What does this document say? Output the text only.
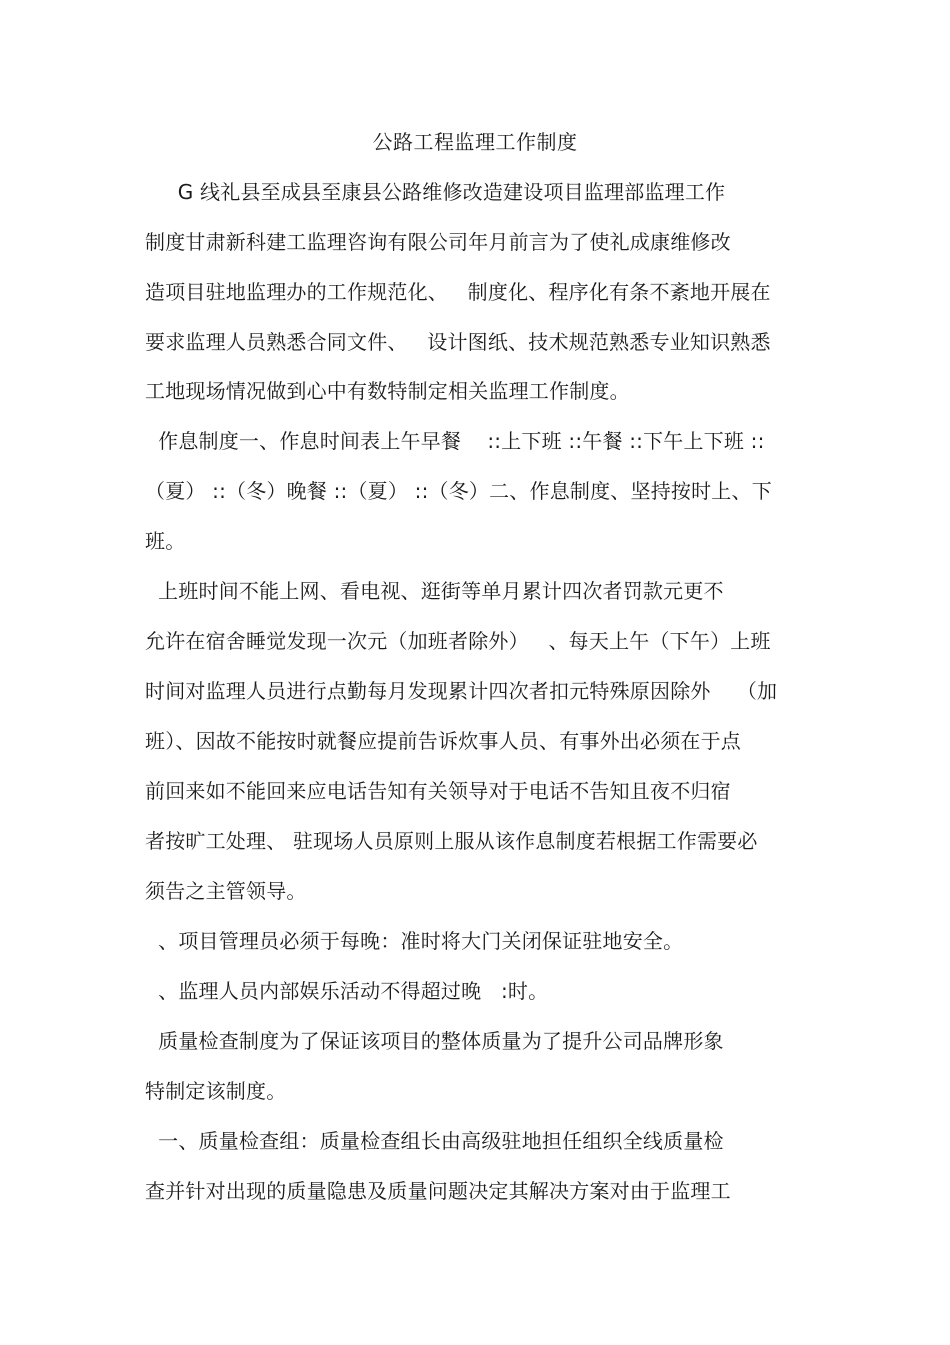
公路工程监理工作制度
G 线礼县至成县至康县公路维修改造建设项目监理部监理工作
制度甘肃新科建工监理咨询有限公司年月前言为了使礼成康维修改
造项目驻地监理办的工作规范化、   制度化、程序化有条不紊地开展在
要求监理人员熟悉合同文件、   设计图纸、技术规范熟悉专业知识熟悉
工地现场情况做到心中有数特制定相关监理工作制度。
作息制度一、作息时间表上午早餐    ::上下班 ::午餐 ::下午上下班 ::
（夏） ::（冬）晚餐 ::（夏） ::（冬）二、作息制度、坚持按时上、下
班。
上班时间不能上网、看电视、逛街等单月累计四次者罚款元更不
允许在宿舍睡觉发现一次元（加班者除外）   、每天上午（下午）上班
时间对监理人员进行点勤每月发现累计四次者扣元特殊原因除外    （加
班）、因故不能按时就餐应提前告诉炊事人员、有事外出必须在于点
前回来如不能回来应电话告知有关领导对于电话不告知且夜不归宿
者按旷工处理、 驻现场人员原则上服从该作息制度若根据工作需要必
须告之主管领导。
、项目管理员必须于每晚：准时将大门关闭保证驻地安全。
、监理人员内部娱乐活动不得超过晚   :时。
质量检查制度为了保证该项目的整体质量为了提升公司品牌形象
特制定该制度。
一、质量检查组：质量检查组长由高级驻地担任组织全线质量检
查并针对出现的质量隐患及质量问题决定其解决方案对由于监理工
